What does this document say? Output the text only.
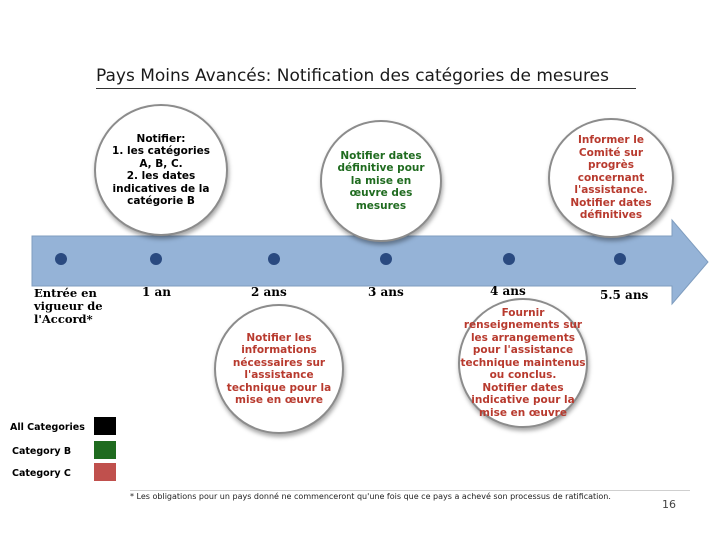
Pays Moins Avancés: Notification des catégories de mesures
Entrée en
vigueur de
l'Accord*
1 an	2 ans	3 ans	4 ans	5.5 ans
Notifier:
1. les catégories
A, B, C.
2. les dates
indicatives de la
catégorie B
Notifier dates
définitive pour
la mise en
œuvre des
mesures
Informer le
Comité sur
progrès
concernant
l'assistance.
Notifier dates
définitives
Notifier les
informations
nécessaires sur
l'assistance
technique pour la
mise en œuvre
Fournir
renseignements sur
les arrangements
pour l'assistance
technique maintenus
ou conclus.
Notifier dates
indicative pour la
mise en œuvre
All Categories
Category B
Category C
* Les obligations pour un pays donné ne commenceront qu'une fois que ce pays a achevé son processus de ratification.
16
